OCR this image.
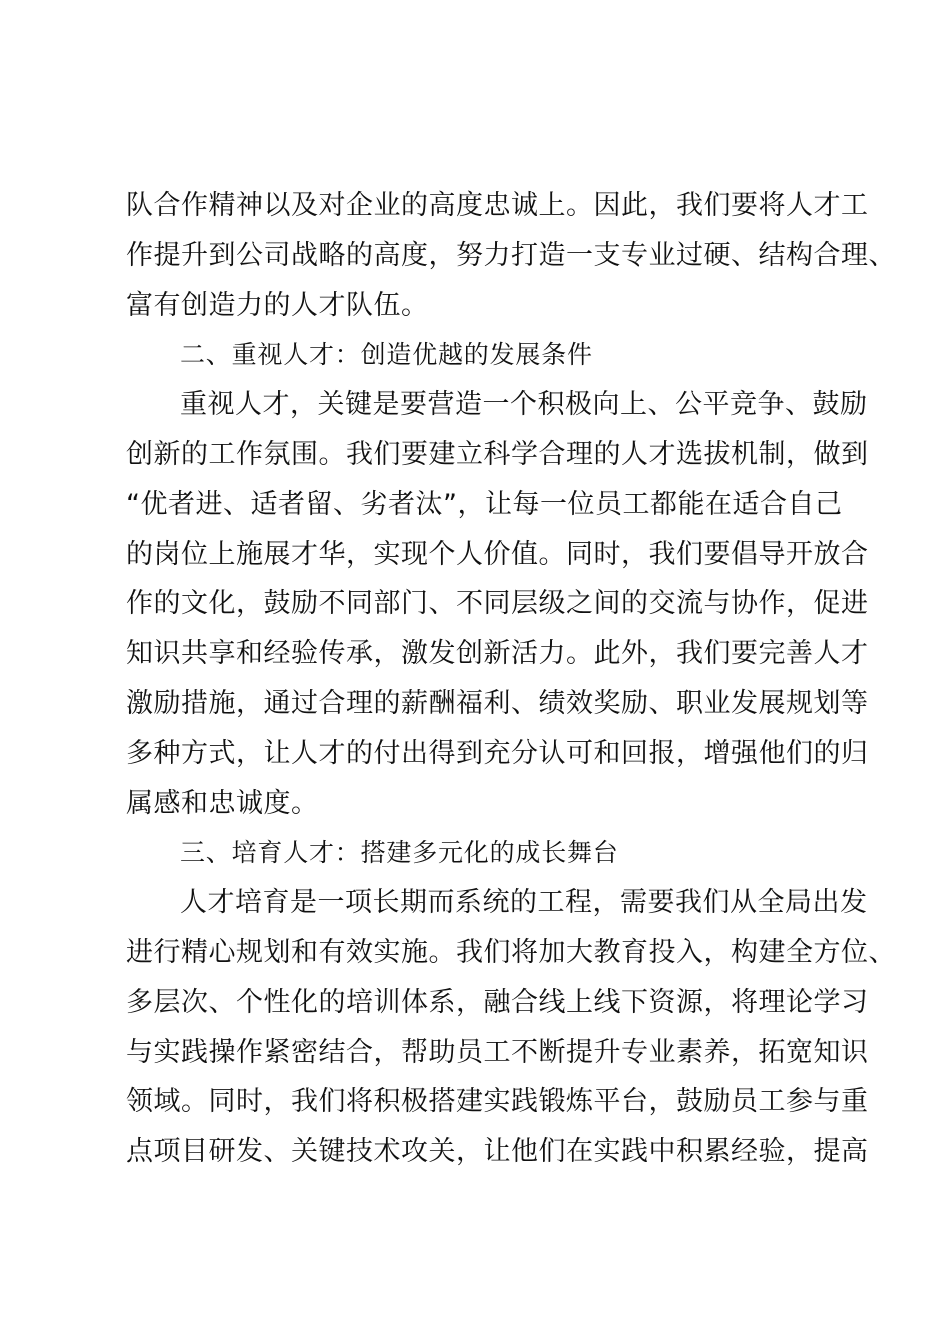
队合作精神以及对企业的高度忠诚上。因此，我们要将人才工
作提升到公司战略的高度，努力打造一支专业过硬、结构合理、
富有创造力的人才队伍。
二、重视人才：创造优越的发展条件
重视人才，关键是要营造一个积极向上、公平竞争、鼓励
创新的工作氛围。我们要建立科学合理的人才选拔机制，做到
“优者进、适者留、劣者汰”，让每一位员工都能在适合自己
的岗位上施展才华，实现个人价值。同时，我们要倡导开放合
作的文化，鼓励不同部门、不同层级之间的交流与协作，促进
知识共享和经验传承，激发创新活力。此外，我们要完善人才
激励措施，通过合理的薪酬福利、绩效奖励、职业发展规划等
多种方式，让人才的付出得到充分认可和回报，增强他们的归
属感和忠诚度。
三、培育人才：搭建多元化的成长舞台
人才培育是一项长期而系统的工程，需要我们从全局出发
进行精心规划和有效实施。我们将加大教育投入，构建全方位、
多层次、个性化的培训体系，融合线上线下资源，将理论学习
与实践操作紧密结合，帮助员工不断提升专业素养，拓宽知识
领域。同时，我们将积极搭建实践锻炼平台，鼓励员工参与重
点项目研发、关键技术攻关，让他们在实践中积累经验，提高
